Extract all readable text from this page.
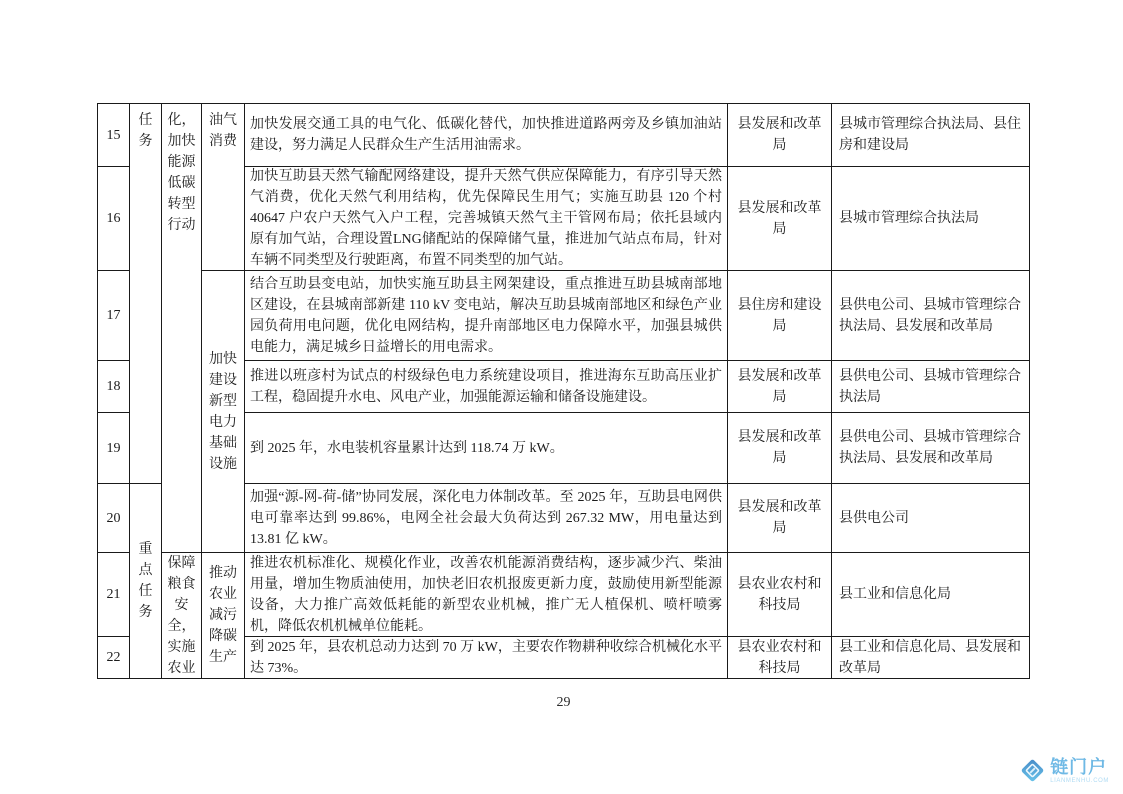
任务
重点任务
化，加快能源低碳转型行动
保障粮食安全，实施农业
油气消费
加快建设新型电力基础设施
推动农业减污降碳生产
15
加快发展交通工具的电气化、低碳化替代，加快推进道路两旁及乡镇加油站建设，努力满足人民群众生产生活用油需求。
县发展和改革局
县城市管理综合执法局、县住房和建设局
16
加快互助县天然气输配网络建设，提升天然气供应保障能力，有序引导天然气消费，优化天然气利用结构，优先保障民生用气；实施互助县 120 个村 40647 户农户天然气入户工程，完善城镇天然气主干管网布局；依托县域内原有加气站，合理设置LNG储配站的保障储气量，推进加气站点布局，针对车辆不同类型及行驶距离，布置不同类型的加气站。
县发展和改革局
县城市管理综合执法局
17
结合互助县变电站，加快实施互助县主网架建设，重点推进互助县城南部地区建设，在县城南部新建 110 kV 变电站，解决互助县城南部地区和绿色产业园负荷用电问题，优化电网结构，提升南部地区电力保障水平，加强县城供电能力，满足城乡日益增长的用电需求。
县住房和建设局
县供电公司、县城市管理综合执法局、县发展和改革局
18
推进以班彦村为试点的村级绿色电力系统建设项目，推进海东互助高压业扩工程，稳固提升水电、风电产业，加强能源运输和储备设施建设。
县发展和改革局
县供电公司、县城市管理综合执法局
19	到 2025 年，水电装机容量累计达到 118.74 万 kW。
县发展和改革局
县供电公司、县城市管理综合执法局、县发展和改革局
20
加强“源-网-荷-储”协同发展，深化电力体制改革。至 2025 年，互助县电网供电可靠率达到 99.86%，电网全社会最大负荷达到 267.32 MW，用电量达到 13.81 亿 kW。
县发展和改革局
县供电公司
21
推进农机标准化、规模化作业，改善农机能源消费结构，逐步减少汽、柴油用量，增加生物质油使用，加快老旧农机报废更新力度，鼓励使用新型能源设备，大力推广高效低耗能的新型农业机械，推广无人植保机、喷杆喷雾机，降低农机机械单位能耗。
县农业农村和科技局
县工业和信息化局
22
到 2025 年，县农机总动力达到 70 万 kW，主要农作物耕种收综合机械化水平达 73%。
县农业农村和科技局
县工业和信息化局、县发展和改革局
29
链门户
LIANMENHU.COM
